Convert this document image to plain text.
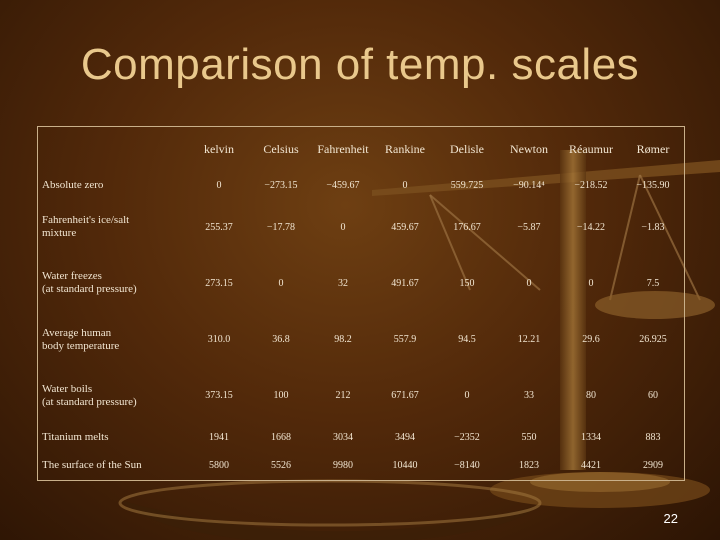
Comparison of temp. scales
	kelvin	Celsius	Fahrenheit	Rankine	Delisle	Newton	Réaumur	Rømer
Absolute zero	0	−273.15	−459.67	0	559.725	−90.14⁴	−218.52	−135.90
Fahrenheit's ice/salt
mixture	255.37	−17.78	0	459.67	176.67	−5.87	−14.22	−1.83
Water freezes
(at standard pressure)	273.15	0	32	491.67	150	0	0	7.5
Average human
body temperature	310.0	36.8	98.2	557.9	94.5	12.21	29.6	26.925
Water boils
(at standard pressure)	373.15	100	212	671.67	0	33	80	60
Titanium melts	1941	1668	3034	3494	−2352	550	1334	883
The surface of the Sun	5800	5526	9980	10440	−8140	1823	4421	2909
22
